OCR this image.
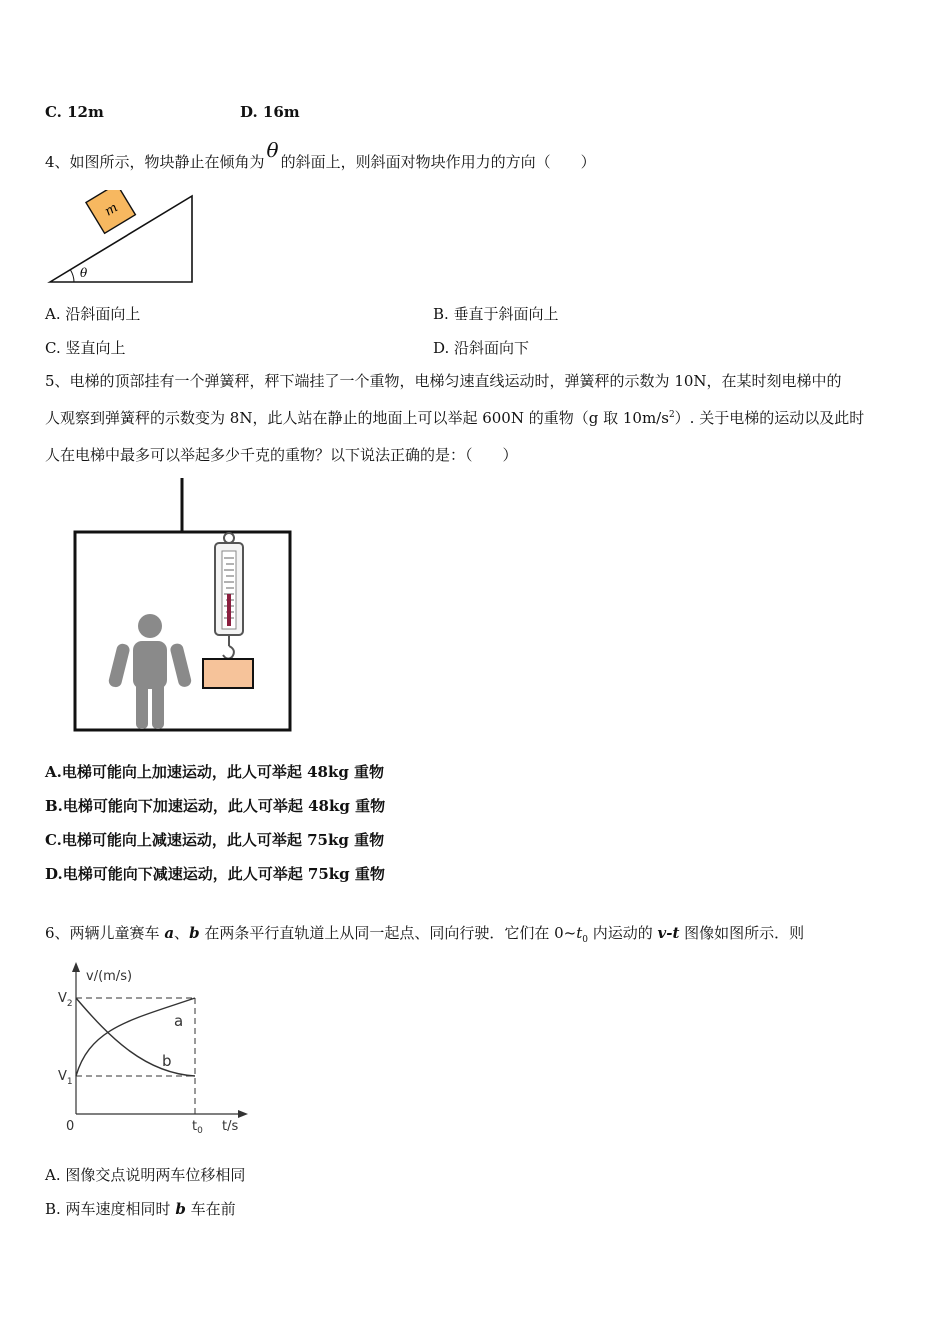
C. 12m	D. 16m
4、如图所示，物块静止在倾角为 θ 的斜面上，则斜面对物块作用力的方向（　　）
m
θ
A. 沿斜面向上	B. 垂直于斜面向上
C. 竖直向上	D. 沿斜面向下
5、电梯的顶部挂有一个弹簧秤，秤下端挂了一个重物，电梯匀速直线运动时，弹簧秤的示数为 10N，在某时刻电梯中的
人观察到弹簧秤的示数变为 8N，此人站在静止的地面上可以举起 600N 的重物（g 取 $10m/s^2$）. 关于电梯的运动以及此时
人在电梯中最多可以举起多少千克的重物？以下说法正确的是：（　　）
A.电梯可能向上加速运动，此人可举起 48kg 重物
B.电梯可能向下加速运动，此人可举起 48kg 重物
C.电梯可能向上减速运动，此人可举起 75kg 重物
D.电梯可能向下减速运动，此人可举起 75kg 重物
6、两辆儿童赛车 a、b 在两条平行直轨道上从同一起点、同向行驶．它们在 $0\sim t_0$ 内运动的 v-t 图像如图所示．则
v/(m/s)
t/s
0
$V_2$
$V_1$
$t_0$
a
b
A. 图像交点说明两车位移相同
B. 两车速度相同时 b 车在前
